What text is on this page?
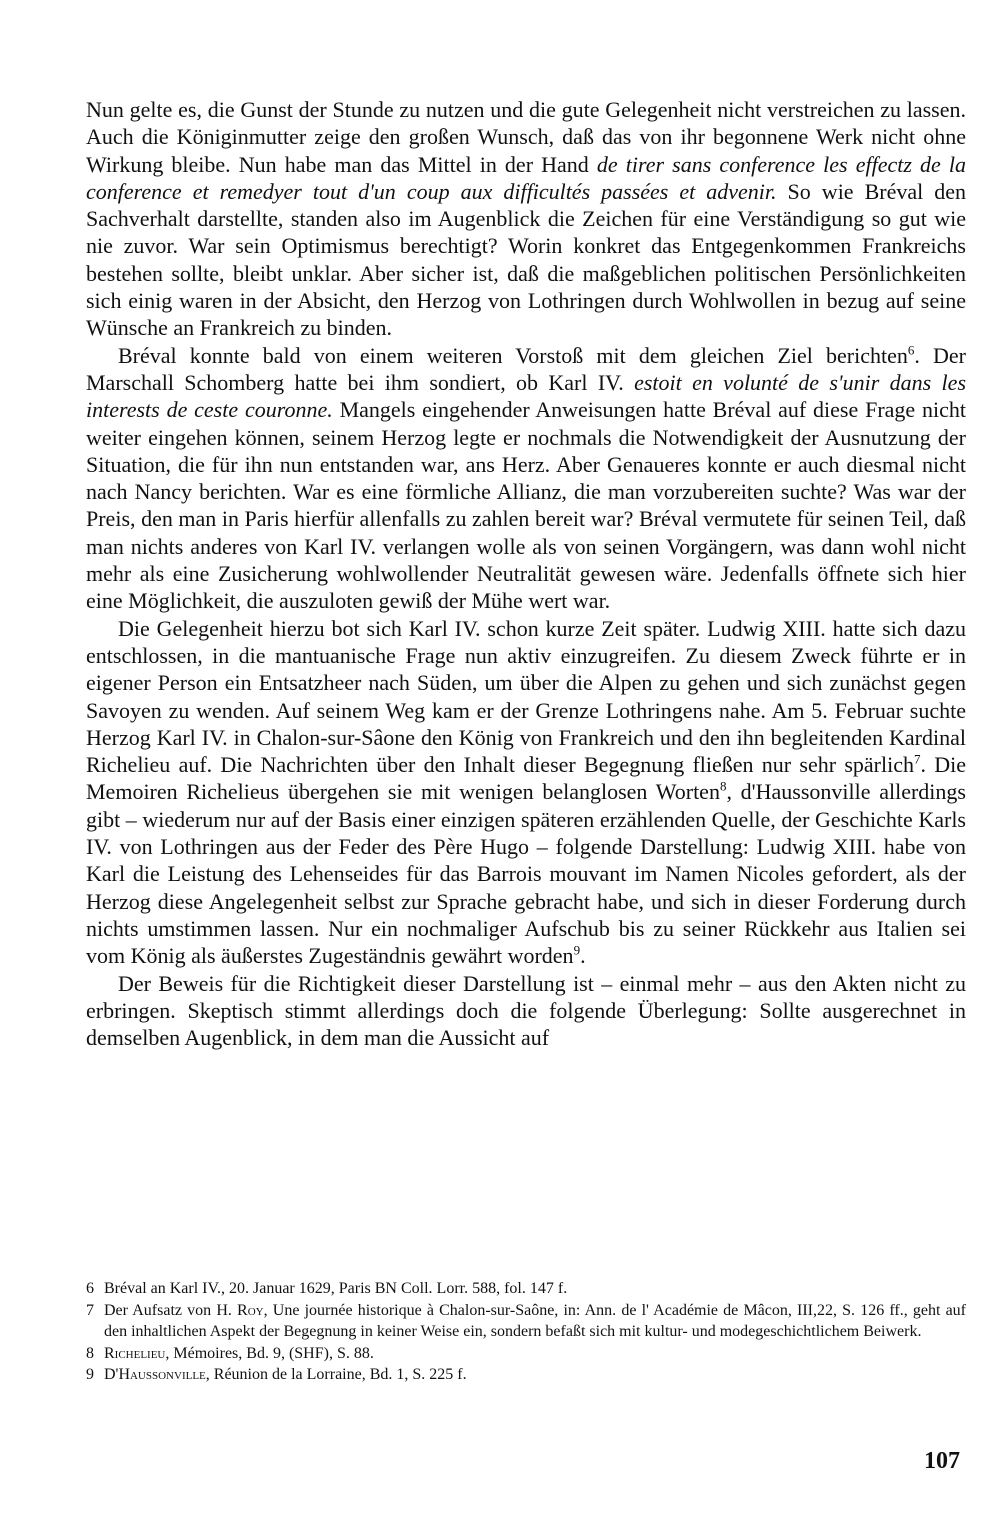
Nun gelte es, die Gunst der Stunde zu nutzen und die gute Gelegenheit nicht verstreichen zu lassen. Auch die Königinmutter zeige den großen Wunsch, daß das von ihr begonnene Werk nicht ohne Wirkung bleibe. Nun habe man das Mittel in der Hand de tirer sans conference les effectz de la conference et remedyer tout d'un coup aux difficultés passées et advenir. So wie Bréval den Sachverhalt darstellte, standen also im Augenblick die Zeichen für eine Verständigung so gut wie nie zuvor. War sein Optimismus berechtigt? Worin konkret das Entgegenkommen Frankreichs bestehen sollte, bleibt unklar. Aber sicher ist, daß die maßgeblichen politischen Persönlichkeiten sich einig waren in der Absicht, den Herzog von Lothringen durch Wohlwollen in bezug auf seine Wünsche an Frankreich zu binden.

Bréval konnte bald von einem weiteren Vorstoß mit dem gleichen Ziel berichten$^6$. Der Marschall Schomberg hatte bei ihm sondiert, ob Karl IV. estoit en volunté de s'unir dans les interests de ceste couronne. Mangels eingehender Anweisungen hatte Bréval auf diese Frage nicht weiter eingehen können, seinem Herzog legte er nochmals die Notwendigkeit der Ausnutzung der Situation, die für ihn nun entstanden war, ans Herz. Aber Genaueres konnte er auch diesmal nicht nach Nancy berichten. War es eine förmliche Allianz, die man vorzubereiten suchte? Was war der Preis, den man in Paris hierfür allenfalls zu zahlen bereit war? Bréval vermutete für seinen Teil, daß man nichts anderes von Karl IV. verlangen wolle als von seinen Vorgängern, was dann wohl nicht mehr als eine Zusicherung wohlwollender Neutralität gewesen wäre. Jedenfalls öffnete sich hier eine Möglichkeit, die auszuloten gewiß der Mühe wert war.

Die Gelegenheit hierzu bot sich Karl IV. schon kurze Zeit später. Ludwig XIII. hatte sich dazu entschlossen, in die mantuanische Frage nun aktiv einzugreifen. Zu diesem Zweck führte er in eigener Person ein Entsatzheer nach Süden, um über die Alpen zu gehen und sich zunächst gegen Savoyen zu wenden. Auf seinem Weg kam er der Grenze Lothringens nahe. Am 5. Februar suchte Herzog Karl IV. in Chalon-sur-Sâone den König von Frankreich und den ihn begleitenden Kardinal Richelieu auf. Die Nachrichten über den Inhalt dieser Begegnung fließen nur sehr spärlich$^7$. Die Memoiren Richelieus übergehen sie mit wenigen belanglosen Worten$^8$, d'Haussonville allerdings gibt – wiederum nur auf der Basis einer einzigen späteren erzählenden Quelle, der Geschichte Karls IV. von Lothringen aus der Feder des Père Hugo – folgende Darstellung: Ludwig XIII. habe von Karl die Leistung des Lehenseides für das Barrois mouvant im Namen Nicoles gefordert, als der Herzog diese Angelegenheit selbst zur Sprache gebracht habe, und sich in dieser Forderung durch nichts umstimmen lassen. Nur ein nochmaliger Aufschub bis zu seiner Rückkehr aus Italien sei vom König als äußerstes Zugeständnis gewährt worden$^9$.

Der Beweis für die Richtigkeit dieser Darstellung ist – einmal mehr – aus den Akten nicht zu erbringen. Skeptisch stimmt allerdings doch die folgende Überlegung: Sollte ausgerechnet in demselben Augenblick, in dem man die Aussicht auf

6 Bréval an Karl IV., 20. Januar 1629, Paris BN Coll. Lorr. 588, fol. 147 f.
7 Der Aufsatz von H. Roy, Une journée historique à Chalon-sur-Saône, in: Ann. de l' Académie de Mâcon, III,22, S. 126 ff., geht auf den inhaltlichen Aspekt der Begegnung in keiner Weise ein, sondern befaßt sich mit kultur- und modegeschichtlichem Beiwerk.
8 Richelieu, Mémoires, Bd. 9, (SHF), S. 88.
9 D'Haussonville, Réunion de la Lorraine, Bd. 1, S. 225 f.
107
